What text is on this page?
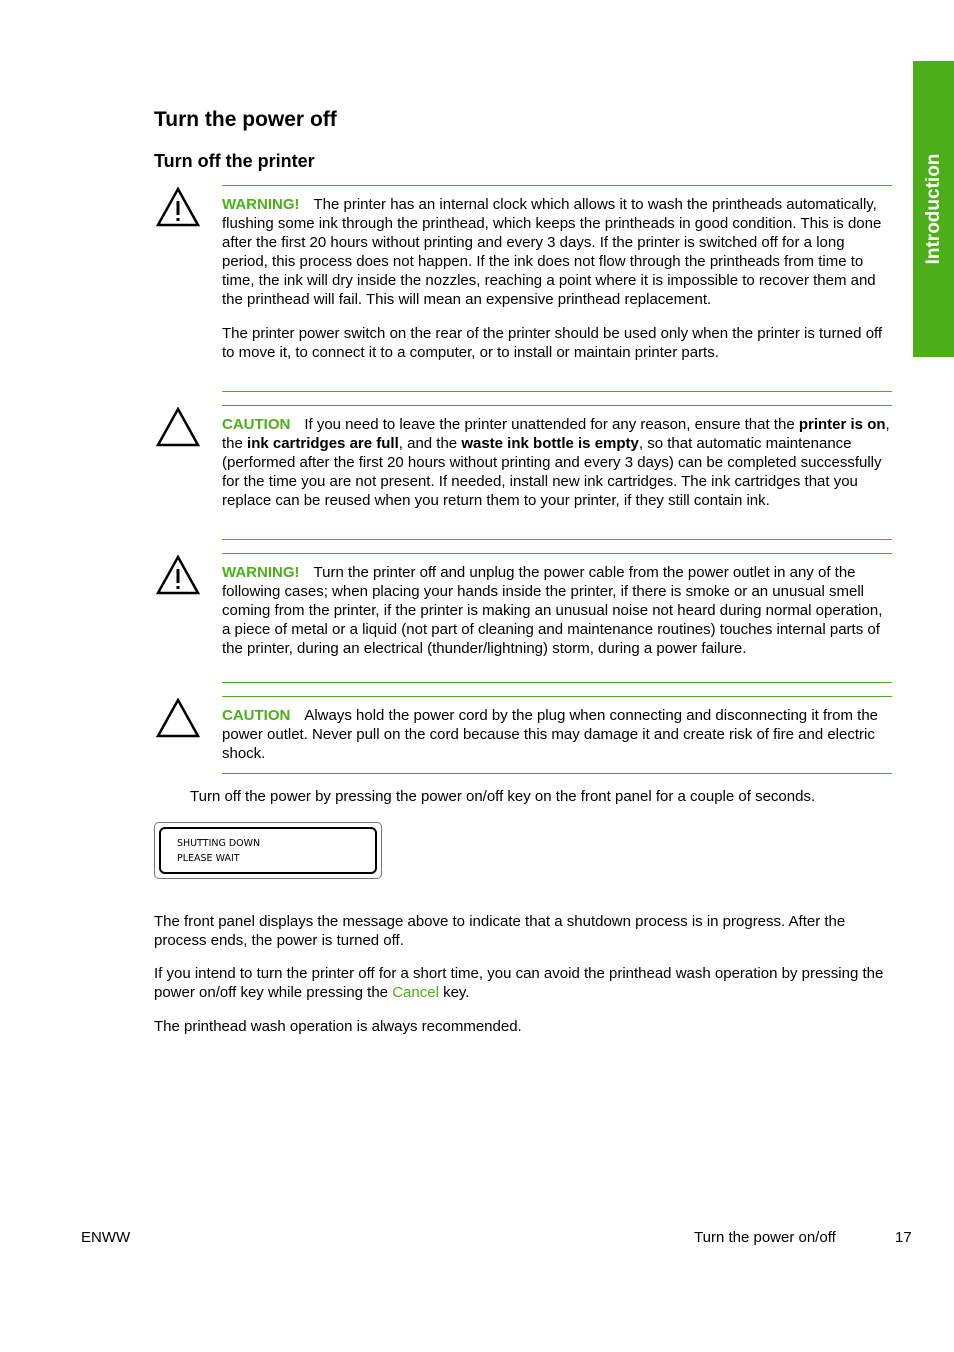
Introduction
Turn the power off
Turn off the printer

WARNING! The printer has an internal clock which allows it to wash the printheads automatically, flushing some ink through the printhead, which keeps the printheads in good condition. This is done after the first 20 hours without printing and every 3 days. If the printer is switched off for a long period, this process does not happen. If the ink does not flow through the printheads from time to time, the ink will dry inside the nozzles, reaching a point where it is impossible to recover them and the printhead will fail. This will mean an expensive printhead replacement.

The printer power switch on the rear of the printer should be used only when the printer is turned off to move it, to connect it to a computer, or to install or maintain printer parts.

CAUTION If you need to leave the printer unattended for any reason, ensure that the printer is on, the ink cartridges are full, and the waste ink bottle is empty, so that automatic maintenance (performed after the first 20 hours without printing and every 3 days) can be completed successfully for the time you are not present. If needed, install new ink cartridges. The ink cartridges that you replace can be reused when you return them to your printer, if they still contain ink.

WARNING! Turn the printer off and unplug the power cable from the power outlet in any of the following cases; when placing your hands inside the printer, if there is smoke or an unusual smell coming from the printer, if the printer is making an unusual noise not heard during normal operation, a piece of metal or a liquid (not part of cleaning and maintenance routines) touches internal parts of the printer, during an electrical (thunder/lightning) storm, during a power failure.

CAUTION Always hold the power cord by the plug when connecting and disconnecting it from the power outlet. Never pull on the cord because this may damage it and create risk of fire and electric shock.

Turn off the power by pressing the power on/off key on the front panel for a couple of seconds.

SHUTTING DOWN
PLEASE WAIT

The front panel displays the message above to indicate that a shutdown process is in progress. After the process ends, the power is turned off.

If you intend to turn the printer off for a short time, you can avoid the printhead wash operation by pressing the power on/off key while pressing the Cancel key.

The printhead wash operation is always recommended.

ENWW	Turn the power on/off	17
